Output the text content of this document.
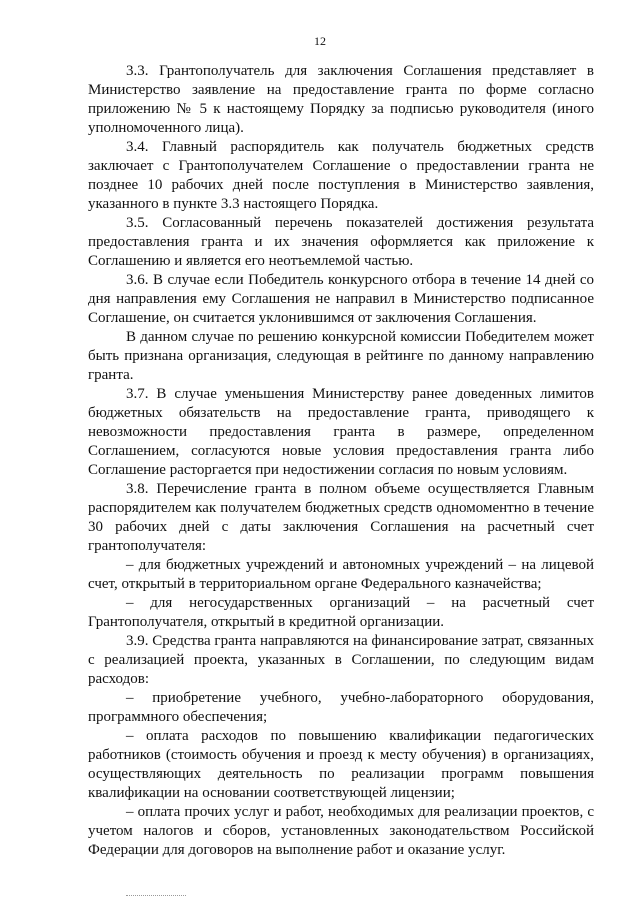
12

3.3. Грантополучатель для заключения Соглашения представляет в Министерство заявление на предоставление гранта по форме согласно приложению № 5 к настоящему Порядку за подписью руководителя (иного уполномоченного лица).

3.4. Главный распорядитель как получатель бюджетных средств заключает с Грантополучателем Соглашение о предоставлении гранта не позднее 10 рабочих дней после поступления в Министерство заявления, указанного в пункте 3.3 настоящего Порядка.

3.5. Согласованный перечень показателей достижения результата предоставления гранта и их значения оформляется как приложение к Соглашению и является его неотъемлемой частью.

3.6. В случае если Победитель конкурсного отбора в течение 14 дней со дня направления ему Соглашения не направил в Министерство подписанное Соглашение, он считается уклонившимся от заключения Соглашения.

В данном случае по решению конкурсной комиссии Победителем может быть признана организация, следующая в рейтинге по данному направлению гранта.

3.7. В случае уменьшения Министерству ранее доведенных лимитов бюджетных обязательств на предоставление гранта, приводящего к невозможности предоставления гранта в размере, определенном Соглашением, согласуются новые условия предоставления гранта либо Соглашение расторгается при недостижении согласия по новым условиям.

3.8. Перечисление гранта в полном объеме осуществляется Главным распорядителем как получателем бюджетных средств одномоментно в течение 30 рабочих дней с даты заключения Соглашения на расчетный счет грантополучателя:

– для бюджетных учреждений и автономных учреждений – на лицевой счет, открытый в территориальном органе Федерального казначейства;

– для негосударственных организаций – на расчетный счет Грантополучателя, открытый в кредитной организации.

3.9. Средства гранта направляются на финансирование затрат, связанных с реализацией проекта, указанных в Соглашении, по следующим видам расходов:

– приобретение учебного, учебно-лабораторного оборудования, программного обеспечения;

– оплата расходов по повышению квалификации педагогических работников (стоимость обучения и проезд к месту обучения) в организациях, осуществляющих деятельность по реализации программ повышения квалификации на основании соответствующей лицензии;

– оплата прочих услуг и работ, необходимых для реализации проектов, с учетом налогов и сборов, установленных законодательством Российской Федерации для договоров на выполнение работ и оказание услуг.
